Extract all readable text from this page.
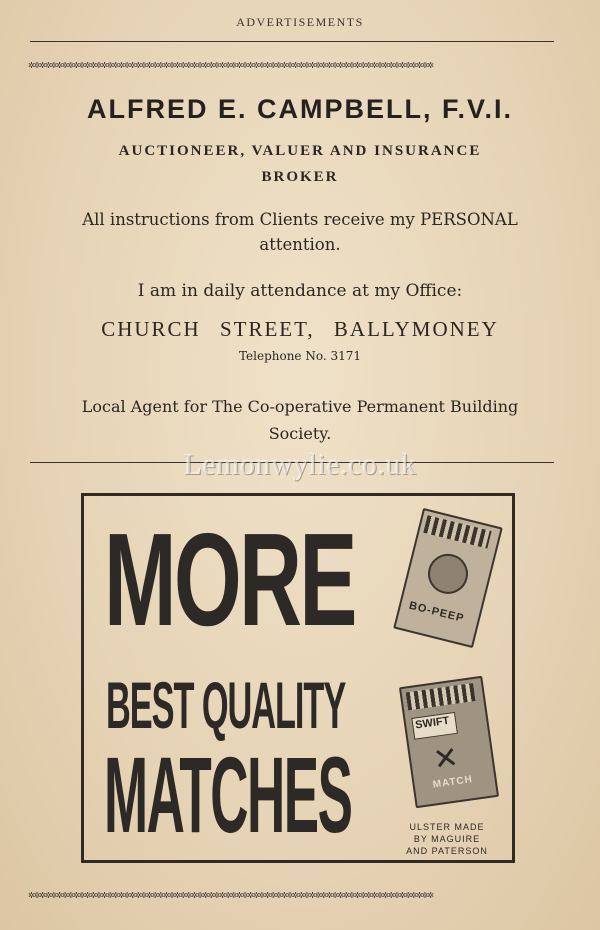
ADVERTISEMENTS
✲✲✲✲✲✲✲✲✲✲✲✲✲✲✲✲✲✲✲✲✲✲✲✲✲✲✲✲✲✲✲✲✲✲✲✲✲✲✲✲✲✲✲✲✲✲✲✲✲✲✲✲✲✲✲✲✲✲✲✲✲✲✲✲✲✲✲✲✲✲✲✲
ALFRED E. CAMPBELL, F.V.I.
AUCTIONEER, VALUER AND INSURANCE BROKER
All instructions from Clients receive my PERSONAL attention.
I am in daily attendance at my Office:
CHURCH STREET, BALLYMONEY
Telephone No. 3171
Local Agent for The Co-operative Permanent Building Society.
Lemonwylie.co.uk
MORE
BEST QUALITY
MATCHES
BO-PEEP
SWIFT
✕
MATCH
ULSTER MADE BY MAGUIRE AND PATERSON
✲✲✲✲✲✲✲✲✲✲✲✲✲✲✲✲✲✲✲✲✲✲✲✲✲✲✲✲✲✲✲✲✲✲✲✲✲✲✲✲✲✲✲✲✲✲✲✲✲✲✲✲✲✲✲✲✲✲✲✲✲✲✲✲✲✲✲✲✲✲✲✲
